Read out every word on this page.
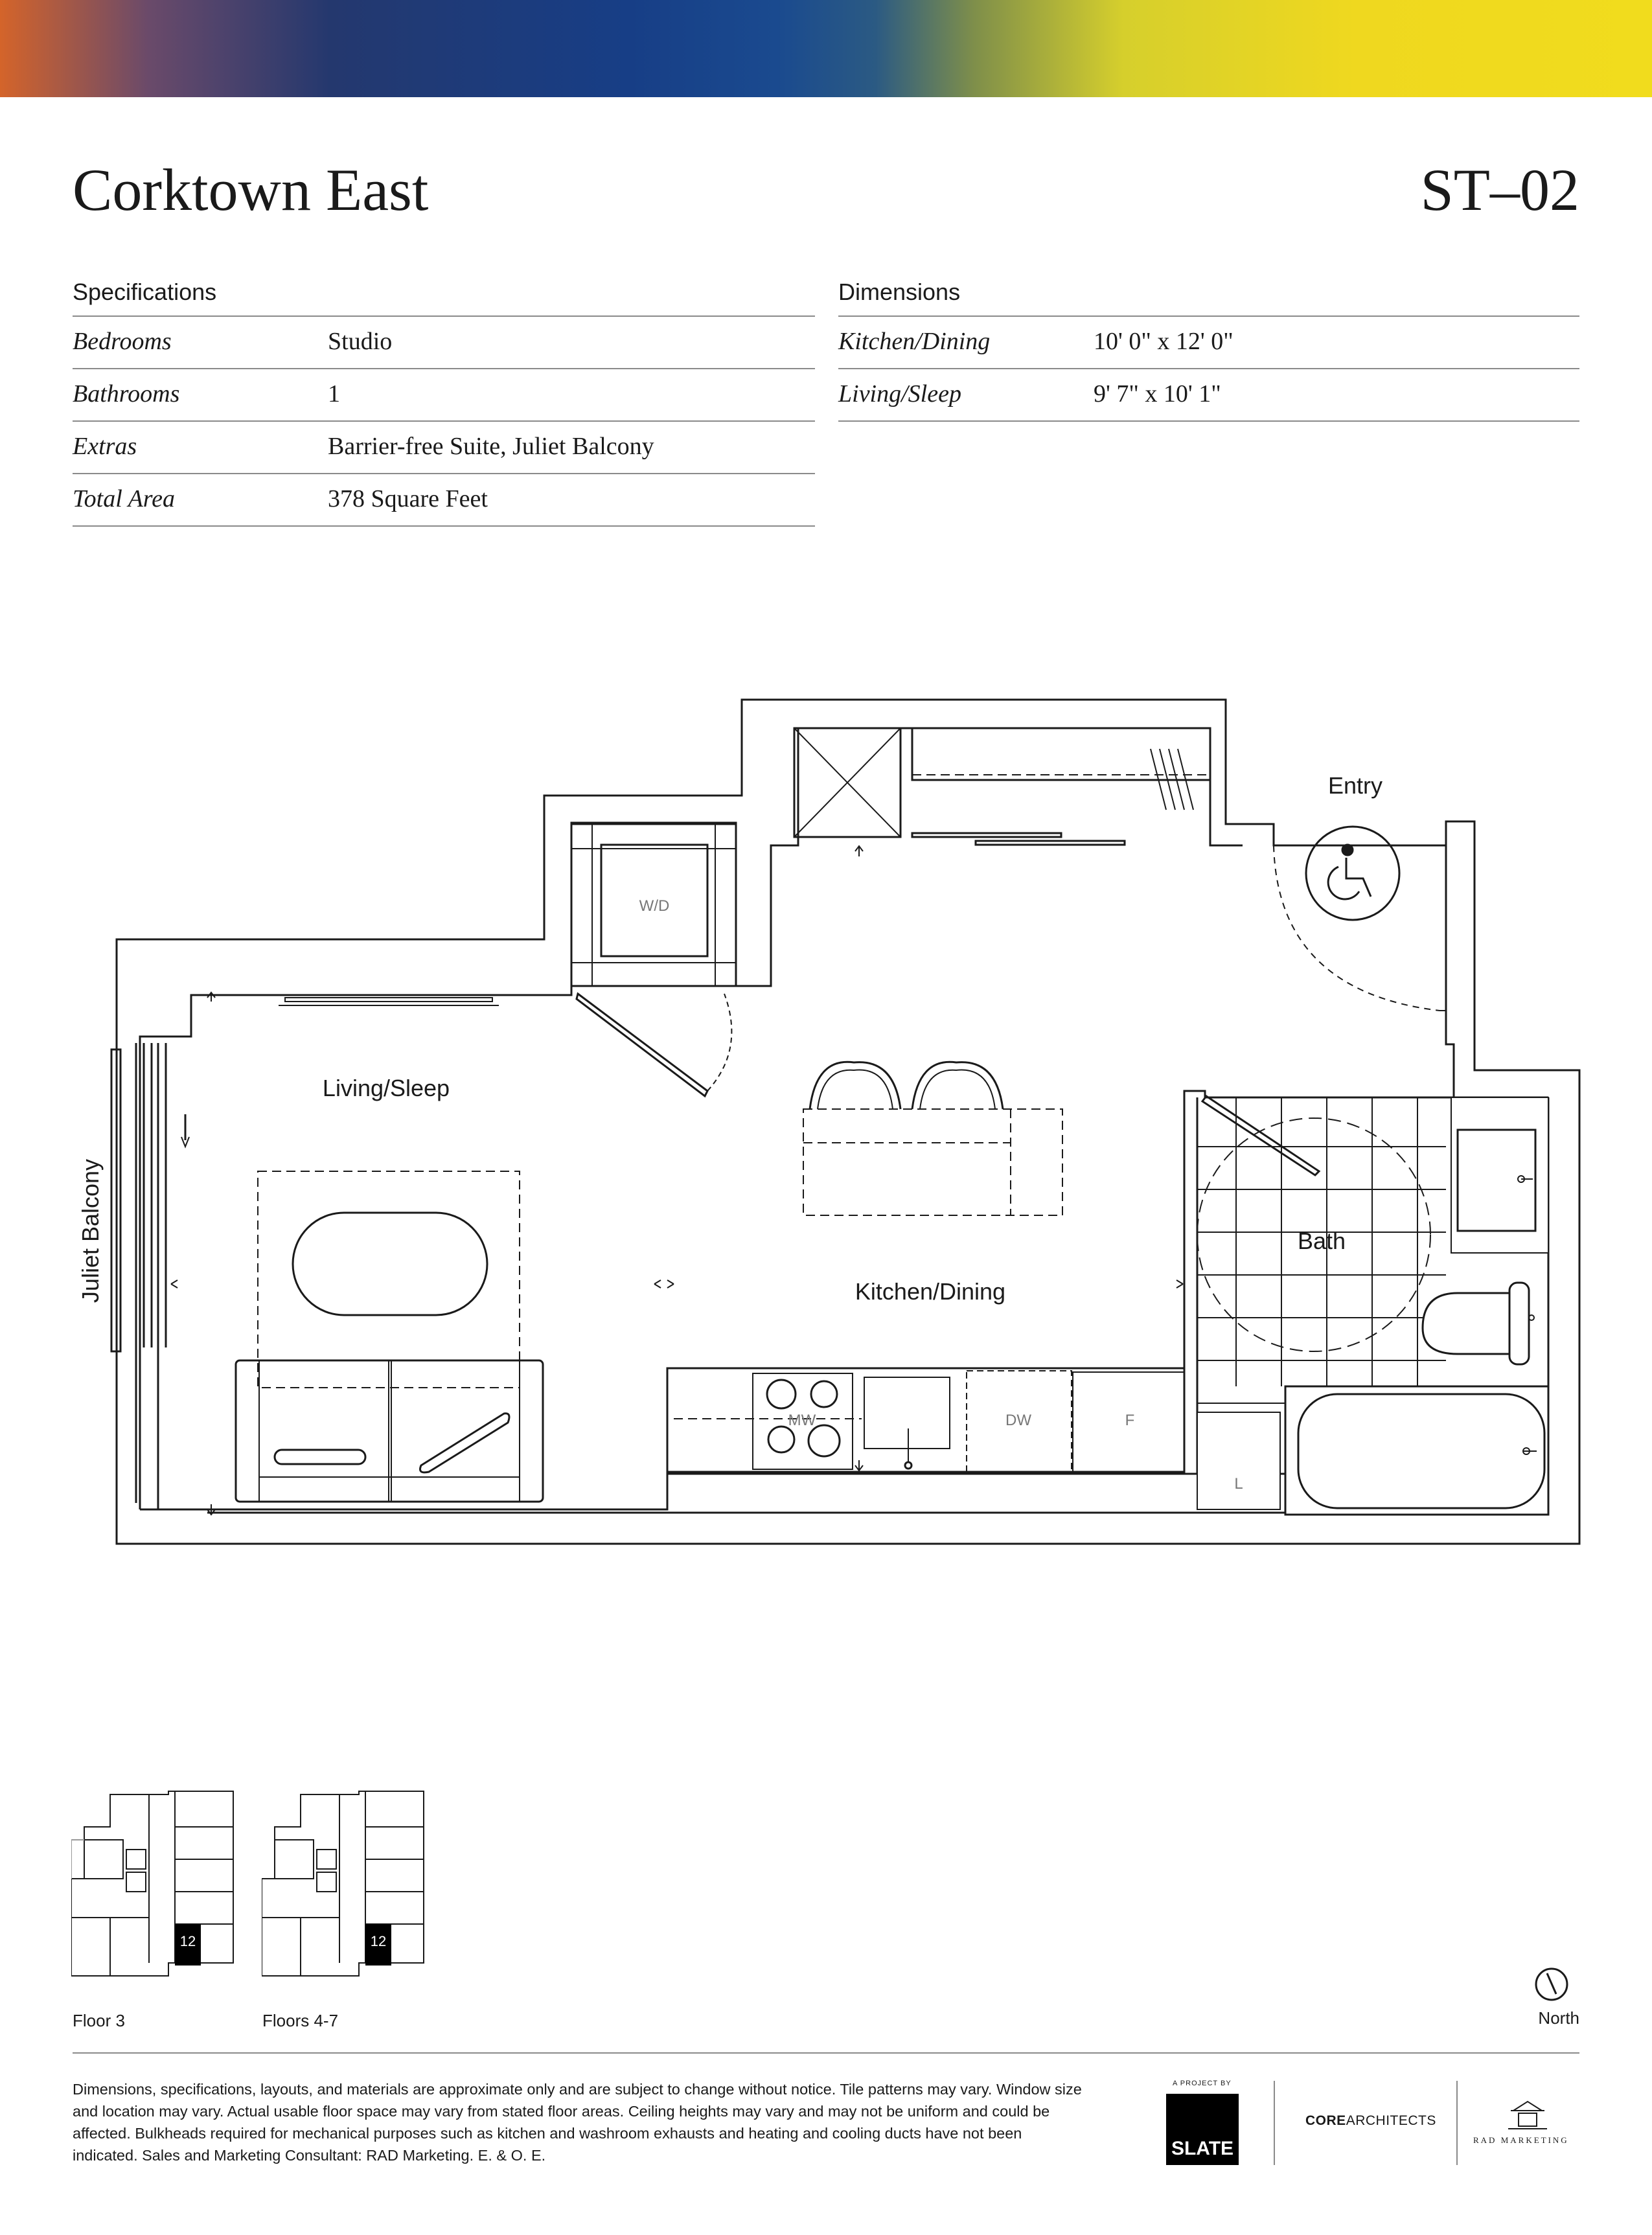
Corktown East	ST–02
Specifications
Bedrooms	Studio
Bathrooms	1
Extras	Barrier-free Suite, Juliet Balcony
Total Area	378 Square Feet
Dimensions
Kitchen/Dining	10' 0" x 12' 0"
Living/Sleep	9' 7" x 10' 1"
W/D
Entry
MW	DW	F
Living/Sleep
Kitchen/Dining
Bath
L
Juliet Balcony
12
Floor 3
12
Floors 4-7	North
Dimensions, specifications, layouts, and materials are approximate only and are subject to change without notice. Tile patterns may vary. Window size and location may vary. Actual usable floor space may vary from stated floor areas. Ceiling heights may vary and may not be uniform and could be affected. Bulkheads required for mechanical purposes such as kitchen and washroom exhausts and heating and cooling ducts have not been indicated. Sales and Marketing Consultant: RAD Marketing. E. & O. E.
A PROJECT BY
SLATE
COREARCHITECTS
RAD MARKETING
